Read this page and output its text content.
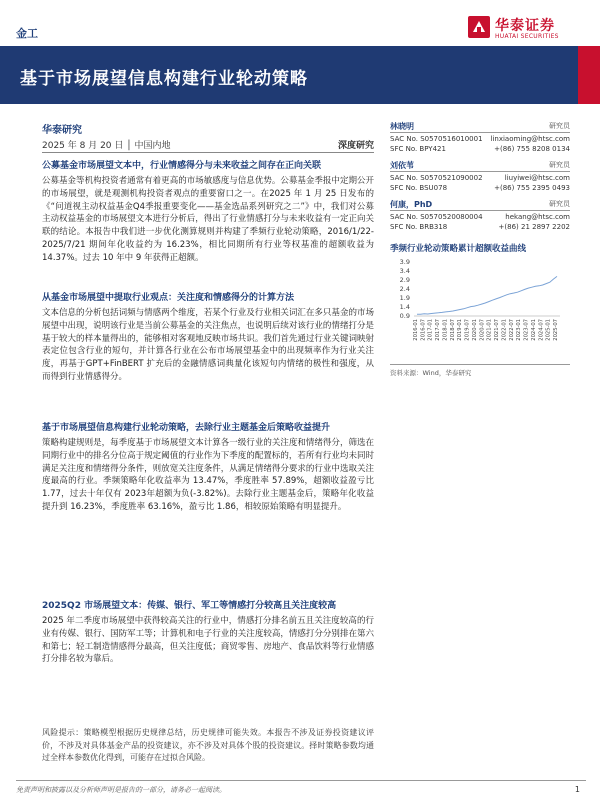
金工	华泰证券
HUATAI SECURITIES
基于市场展望信息构建行业轮动策略
华泰研究
2025 年 8 月 20 日 │ 中国内地	深度研究
公募基金市场展望文本中，行业情感得分与未来收益之间存在正向关联

公募基金等机构投资者通常有着更高的市场敏感度与信息优势。公募基金季报中定期公开的市场展望，就是观测机构投资者观点的重要窗口之一。在2025 年 1 月 25 日发布的《“问道视主动权益基金Q4季报重要变化——基金选品系列研究之二”》中，我们对公募主动权益基金的市场展望文本进行分析后，得出了行业情感打分与未来收益有一定正向关联的结论。本报告中我们进一步优化测算规则并构建了季频行业轮动策略，2016/1/22-2025/7/21 期间年化收益约为 16.23%，相比同期所有行业等权基准的超额收益为14.37%。过去 10 年中 9 年获得正超额。

从基金市场展望中提取行业观点：关注度和情感得分的计算方法

文本信息的分析包括词频与情感两个维度，若某个行业及行业相关词汇在多只基金的市场展望中出现，说明该行业是当前公募基金的关注焦点，也说明后续对该行业的情绪打分是基于较大的样本量得出的，能够相对客观地反映市场共识。我们首先通过行业关键词映射表定位包含行业的短句，并计算各行业在公布市场展望基金中的出现频率作为行业关注度，再基于GPT+FinBERT 扩充后的金融情感词典量化该短句内情绪的极性和强度，从而得到行业情感得分。

基于市场展望信息构建行业轮动策略，去除行业主题基金后策略收益提升

策略构建规则是，每季度基于市场展望文本计算各一级行业的关注度和情绪得分，筛选在同期行业中的排名分位高于规定阈值的行业作为下季度的配置标的，若所有行业均未同时满足关注度和情绪得分条件，则放宽关注度条件，从满足情绪得分要求的行业中选取关注度最高的行业。季频策略年化收益率为 13.47%，季度胜率 57.89%，超额收益盈亏比 1.77，过去十年仅有 2023年超额为负(-3.82%)。去除行业主题基金后，策略年化收益提升到 16.23%，季度胜率 63.16%，盈亏比 1.86，相较原始策略有明显提升。

2025Q2 市场展望文本：传媒、银行、军工等情感打分较高且关注度较高

2025 年二季度市场展望中获得较高关注的行业中，情感打分排名前五且关注度较高的行业有传媒、银行、国防军工等；计算机和电子行业的关注度较高，情感打分分别排在第六和第七；轻工制造情感得分最高，但关注度低；商贸零售、房地产、食品饮料等行业情感打分排名较为靠后。

风险提示：策略模型根据历史规律总结，历史规律可能失效。本报告不涉及证券投资建议评价，不涉及对具体基金产品的投资建议，亦不涉及对具体个股的投资建议。择时策略参数均通过全样本参数优化得到，可能存在过拟合风险。
林晓明	研究员
SAC No. S0570516010001 linxiaoming@htsc.com
SFC No. BPY421	+(86) 755 8208 0134
刘依苇	研究员
SAC No. S0570521090002	liuyiwei@htsc.com
SFC No. BSU078	+(86) 755 2395 0493
何康，PhD	研究员
SAC No. S0570520080004	hekang@htsc.com
SFC No. BRB318	+(86) 21 2897 2202
季频行业轮动策略累计超额收益曲线
0.9
1.4
1.9
2.4
2.9
3.4
3.9
2016-01 2016-07 2017-01 2017-07 2018-01 2018-07 2019-01 2019-07 2020-01 2020-07 2021-01 2021-07 2022-01 2022-07 2023-01 2023-07 2024-01 2024-07 2025-01 2025-07
资料来源：Wind，华泰研究
免责声明和披露以及分析师声明是报告的一部分，请务必一起阅读。	1
